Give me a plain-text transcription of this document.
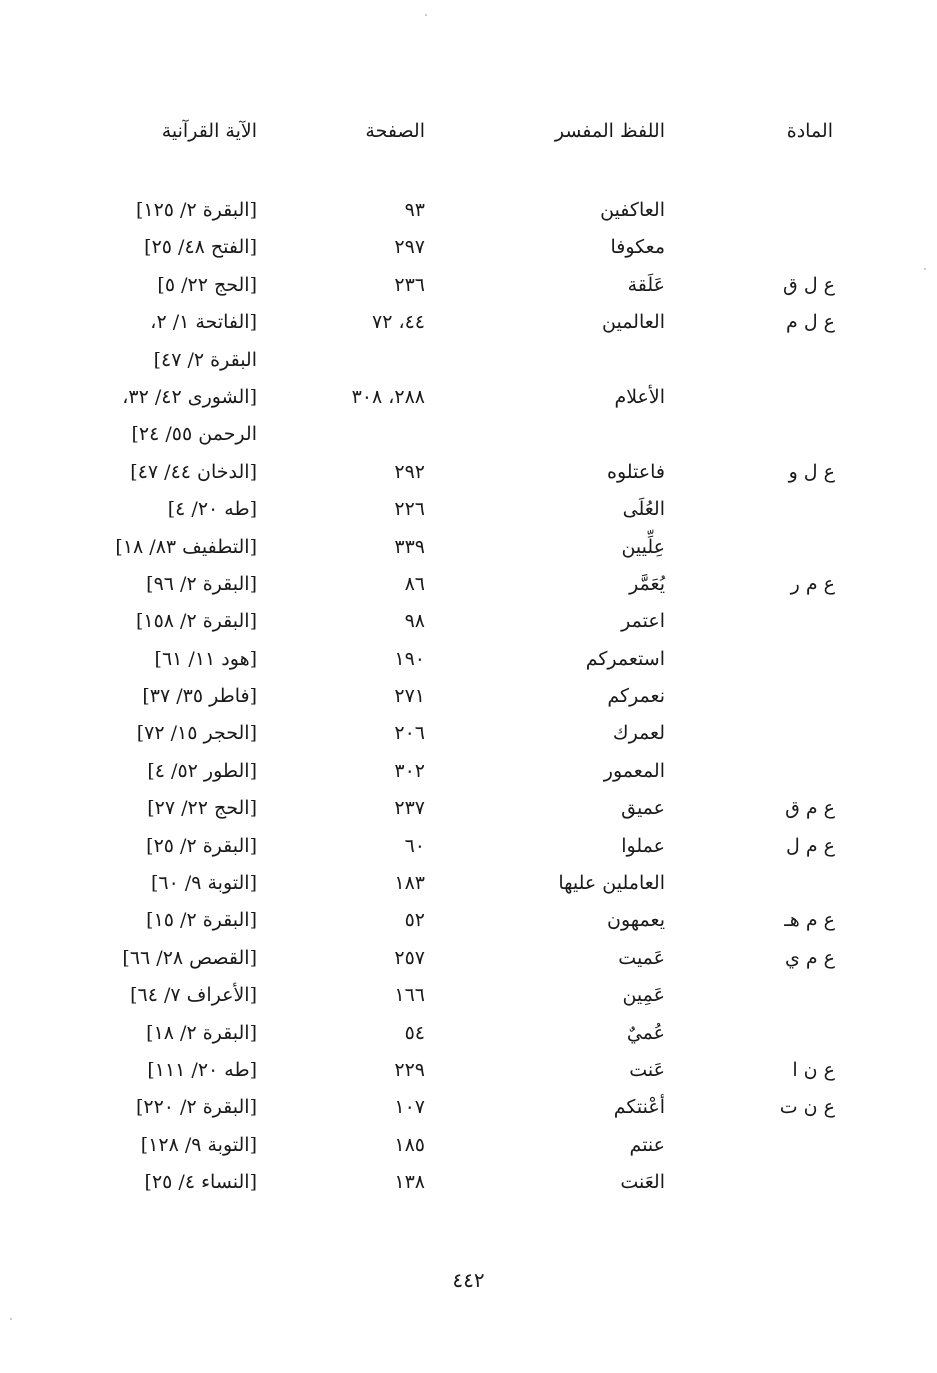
المادة
اللفظ المفسر
الصفحة
الآية القرآنية
العاكفين
٩٣
[البقرة ٢/ ١٢٥]
معكوفا
٢٩٧
[الفتح ٤٨/ ٢٥]
ع ل ق
عَلَقة
٢٣٦
[الحج ٢٢/ ٥]
ع ل م
العالمين
٤٤، ٧٢
[الفاتحة ١/ ٢،
البقرة ٢/ ٤٧]
الأعلام
٢٨٨، ٣٠٨
[الشورى ٤٢/ ٣٢،
الرحمن ٥٥/ ٢٤]
ع ل و
فاعتلوه
٢٩٢
[الدخان ٤٤/ ٤٧]
العُلَى
٢٢٦
[طه ٢٠/ ٤]
عِلِّيين
٣٣٩
[التطفيف ٨٣/ ١٨]
ع م ر
يُعَمَّر
٨٦
[البقرة ٢/ ٩٦]
اعتمر
٩٨
[البقرة ٢/ ١٥٨]
استعمركم
١٩٠
[هود ١١/ ٦١]
نعمركم
٢٧١
[فاطر ٣٥/ ٣٧]
لعمرك
٢٠٦
[الحجر ١٥/ ٧٢]
المعمور
٣٠٢
[الطور ٥٢/ ٤]
ع م ق
عميق
٢٣٧
[الحج ٢٢/ ٢٧]
ع م ل
عملوا
٦٠
[البقرة ٢/ ٢٥]
العاملين عليها
١٨٣
[التوبة ٩/ ٦٠]
ع م هـ
يعمهون
٥٢
[البقرة ٢/ ١٥]
ع م ي
عَميت
٢٥٧
[القصص ٢٨/ ٦٦]
عَمِين
١٦٦
[الأعراف ٧/ ٦٤]
عُميٌ
٥٤
[البقرة ٢/ ١٨]
ع ن ا
عَنت
٢٢٩
[طه ٢٠/ ١١١]
ع ن ت
أعْنتكم
١٠٧
[البقرة ٢/ ٢٢٠]
عنتم
١٨٥
[التوبة ٩/ ١٢٨]
العَنت
١٣٨
[النساء ٤/ ٢٥]
٤٤٢
